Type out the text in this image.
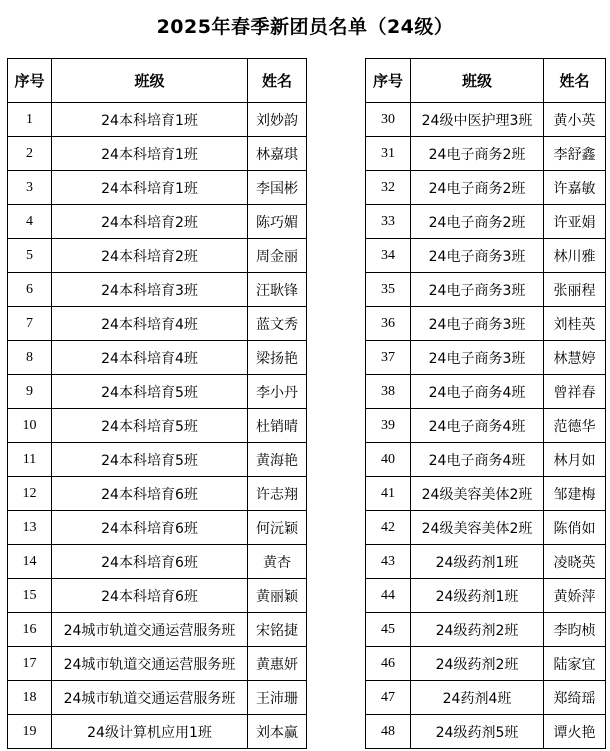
2025年春季新团员名单（24级）
序号	班级	姓名
1	24本科培育1班	刘妙韵
2	24本科培育1班	林嘉琪
3	24本科培育1班	李国彬
4	24本科培育2班	陈巧媚
5	24本科培育2班	周金丽
6	24本科培育3班	汪耿锋
7	24本科培育4班	蓝文秀
8	24本科培育4班	梁扬艳
9	24本科培育5班	李小丹
10	24本科培育5班	杜销晴
11	24本科培育5班	黄海艳
12	24本科培育6班	许志翔
13	24本科培育6班	何沅颖
14	24本科培育6班	黄杏
15	24本科培育6班	黄丽颖
16	24城市轨道交通运营服务班	宋铭捷
17	24城市轨道交通运营服务班	黄惠妍
18	24城市轨道交通运营服务班	王沛珊
19	24级计算机应用1班	刘本赢
序号	班级	姓名
30	24级中医护理3班	黄小英
31	24电子商务2班	李舒鑫
32	24电子商务2班	许嘉敏
33	24电子商务2班	许亚娟
34	24电子商务3班	林川雅
35	24电子商务3班	张丽程
36	24电子商务3班	刘桂英
37	24电子商务3班	林慧婷
38	24电子商务4班	曾祥春
39	24电子商务4班	范德华
40	24电子商务4班	林月如
41	24级美容美体2班	邹建梅
42	24级美容美体2班	陈俏如
43	24级药剂1班	凌晓英
44	24级药剂1班	黄娇萍
45	24级药剂2班	李昀桢
46	24级药剂2班	陆家宜
47	24药剂4班	郑绮瑶
48	24级药剂5班	谭火艳
